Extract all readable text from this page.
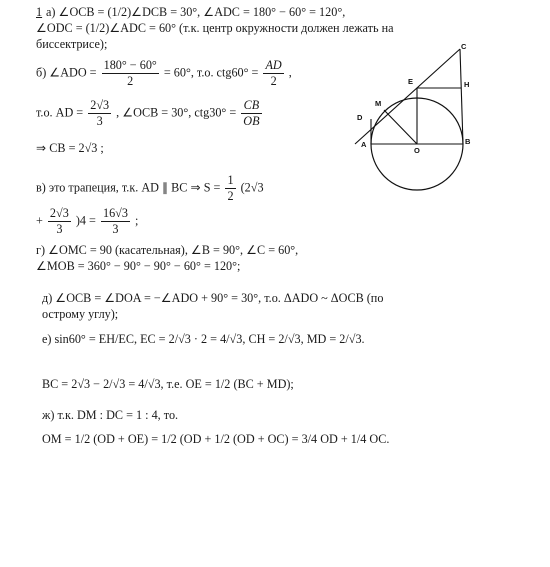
1 а) ∠OCB = (1/2)∠DCB = 30°, ∠ADC = 180° − 60° = 120°,
∠ODC = (1/2)∠ADC = 60° (т.к. центр окружности должен лежать на
биссектрисе);
б) ∠ADO = $\frac{180^\circ - 60^\circ}{2} = 60^\circ$, т.о. $ctg60^\circ = \frac{AD}{2}$ ,
т.о. AD = $\frac{2√3}{3}$ , ∠OCB = 30°, $ctg30^\circ = \frac{CB}{OB}$
⇒ CB = 2√3 ;
в) это трапеция, т.к. AD ∥ BC ⇒ $S = \frac{1}{2} (2√3$
+ $\frac{2√3}{3} )4 = \frac{16√3}{3}$ ;
г) ∠OMC = 90 (касательная), ∠B = 90°, ∠C = 60°,
∠MOB = 360° − 90° − 90° − 60° = 120°;
д) ∠OCB = ∠DOA = −∠ADO + 90° = 30°, т.о. ΔADO ~ ΔOCB (по
острому углу);
е) sin60° = EH/EC, EC = 2/√3 · 2 = 4/√3, CH = 2/√3, MD = 2/√3.
BC = 2√3 − 2/√3 = 4/√3, т.е. OE = 1/2 (BC + MD);
ж) т.к. DM : DC = 1 : 4, то.
OM = 1/2 (OD + OE) = 1/2 (OD + 1/2 (OD + OC) = 3/4 OD + 1/4 OC.
C
E	H
M
D
A
O
B
